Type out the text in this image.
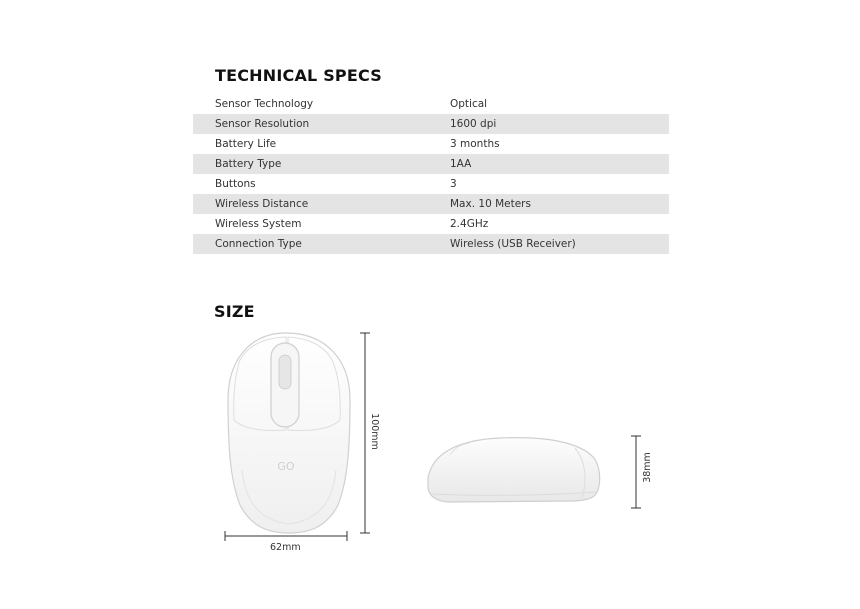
TECHNICAL SPECS
Sensor Technology	Optical
Sensor Resolution	1600 dpi
Battery Life	3 months
Battery Type	1AA
Buttons	3
Wireless Distance	Max. 10 Meters
Wireless System	2.4GHz
Connection Type	Wireless (USB Receiver)
SIZE
GO
62mm
100mm
38mm
